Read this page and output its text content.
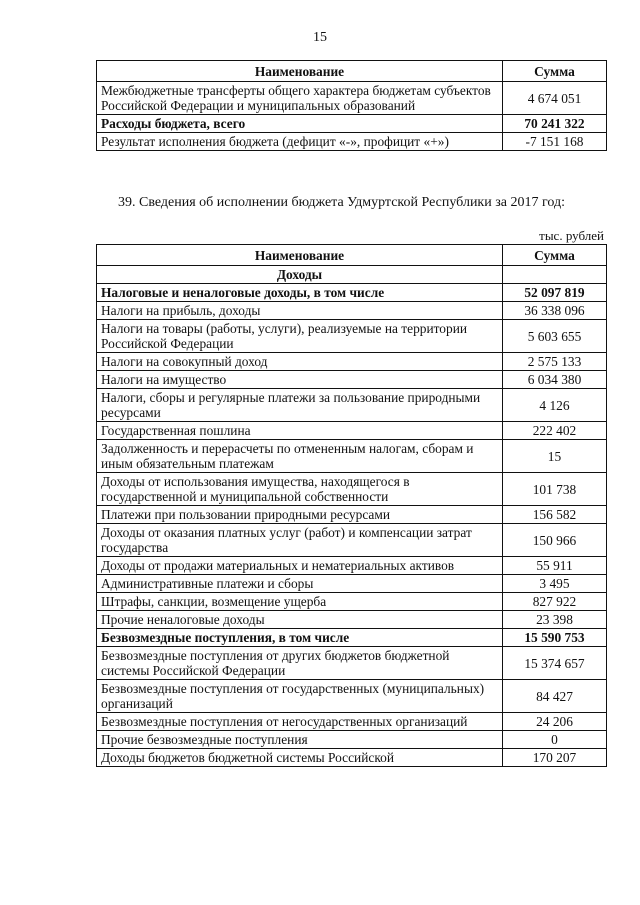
15
Наименование	Сумма
Межбюджетные трансферты общего характера бюджетам субъектов Российской Федерации и муниципальных образований	4 674 051
Расходы бюджета, всего	70 241 322
Результат исполнения бюджета (дефицит «-», профицит «+»)	-7 151 168
39. Сведения об исполнении бюджета Удмуртской Республики за 2017 год:
тыс. рублей
Наименование	Сумма
Доходы	
Налоговые и неналоговые доходы, в том числе	52 097 819
Налоги на прибыль, доходы	36 338 096
Налоги на товары (работы, услуги), реализуемые на территории Российской Федерации	5 603 655
Налоги на совокупный доход	2 575 133
Налоги на имущество	6 034 380
Налоги, сборы и регулярные платежи за пользование природными ресурсами	4 126
Государственная пошлина	222 402
Задолженность и перерасчеты по отмененным налогам, сборам и иным обязательным платежам	15
Доходы от использования имущества, находящегося в государственной и муниципальной собственности	101 738
Платежи при пользовании природными ресурсами	156 582
Доходы от оказания платных услуг (работ) и компенсации затрат государства	150 966
Доходы от продажи материальных и нематериальных активов	55 911
Административные платежи и сборы	3 495
Штрафы, санкции, возмещение ущерба	827 922
Прочие неналоговые доходы	23 398
Безвозмездные поступления, в том числе	15 590 753
Безвозмездные поступления от других бюджетов бюджетной системы Российской Федерации	15 374 657
Безвозмездные поступления от государственных (муниципальных) организаций	84 427
Безвозмездные поступления от негосударственных организаций	24 206
Прочие безвозмездные поступления	0
Доходы бюджетов бюджетной системы Российской	170 207
